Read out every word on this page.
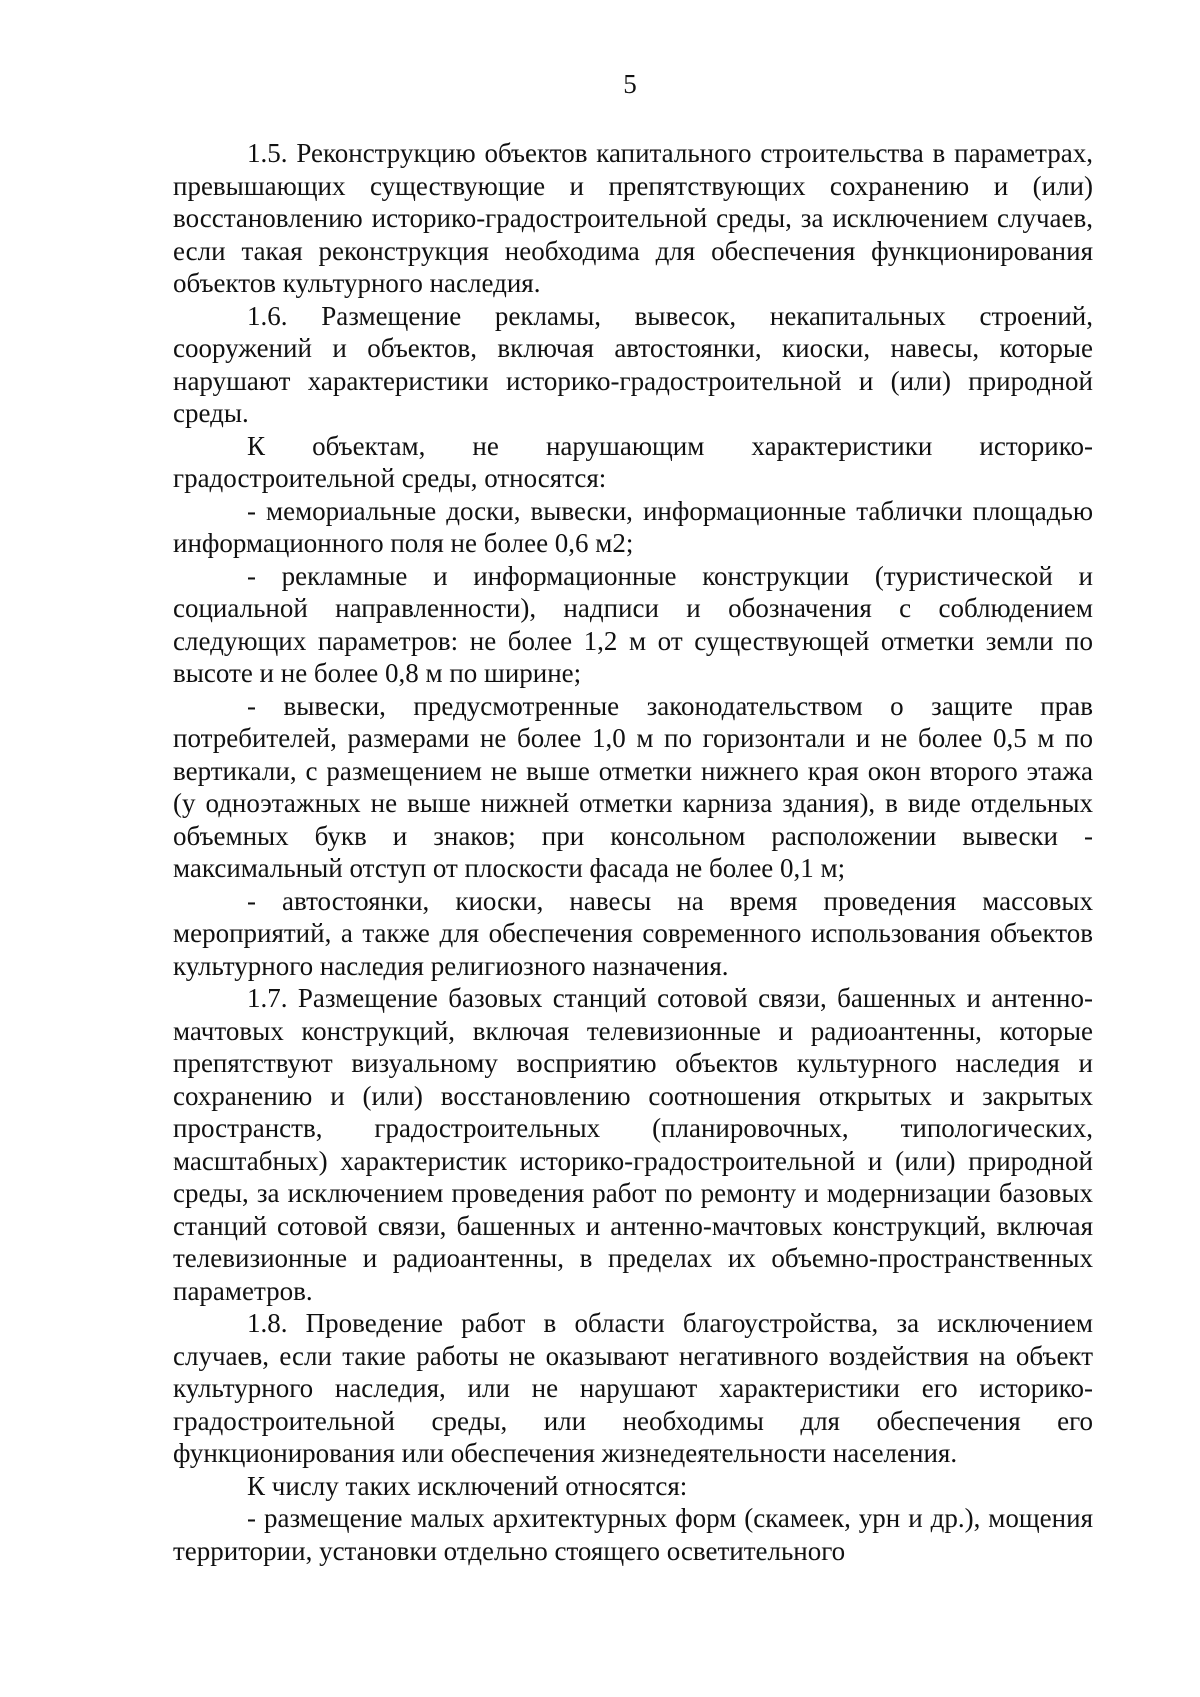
5

1.5. Реконструкцию объектов капитального строительства в параметрах, превышающих существующие и препятствующих сохранению и (или) восстановлению историко-градостроительной среды, за исключением случаев, если такая реконструкция необходима для обеспечения функционирования объектов культурного наследия.

1.6. Размещение рекламы, вывесок, некапитальных строений, сооружений и объектов, включая автостоянки, киоски, навесы, которые нарушают характеристики историко-градостроительной и (или) природной среды.

К объектам, не нарушающим характеристики историко-градостроительной среды, относятся:

- мемориальные доски, вывески, информационные таблички площадью информационного поля не более 0,6 м2;

- рекламные и информационные конструкции (туристической и социальной направленности), надписи и обозначения с соблюдением следующих параметров: не более 1,2 м от существующей отметки земли по высоте и не более 0,8 м по ширине;

- вывески, предусмотренные законодательством о защите прав потребителей, размерами не более 1,0 м по горизонтали и не более 0,5 м по вертикали, с размещением не выше отметки нижнего края окон второго этажа (у одноэтажных не выше нижней отметки карниза здания), в виде отдельных объемных букв и знаков; при консольном расположении вывески - максимальный отступ от плоскости фасада не более 0,1 м;

- автостоянки, киоски, навесы на время проведения массовых мероприятий, а также для обеспечения современного использования объектов культурного наследия религиозного назначения.

1.7. Размещение базовых станций сотовой связи, башенных и антенно-мачтовых конструкций, включая телевизионные и радиоантенны, которые препятствуют визуальному восприятию объектов культурного наследия и сохранению и (или) восстановлению соотношения открытых и закрытых пространств, градостроительных (планировочных, типологических, масштабных) характеристик историко-градостроительной и (или) природной среды, за исключением проведения работ по ремонту и модернизации базовых станций сотовой связи, башенных и антенно-мачтовых конструкций, включая телевизионные и радиоантенны, в пределах их объемно-пространственных параметров.

1.8. Проведение работ в области благоустройства, за исключением случаев, если такие работы не оказывают негативного воздействия на объект культурного наследия, или не нарушают характеристики его историко-градостроительной среды, или необходимы для обеспечения его функционирования или обеспечения жизнедеятельности населения.

К числу таких исключений относятся:

- размещение малых архитектурных форм (скамеек, урн и др.), мощения территории, установки отдельно стоящего осветительного
